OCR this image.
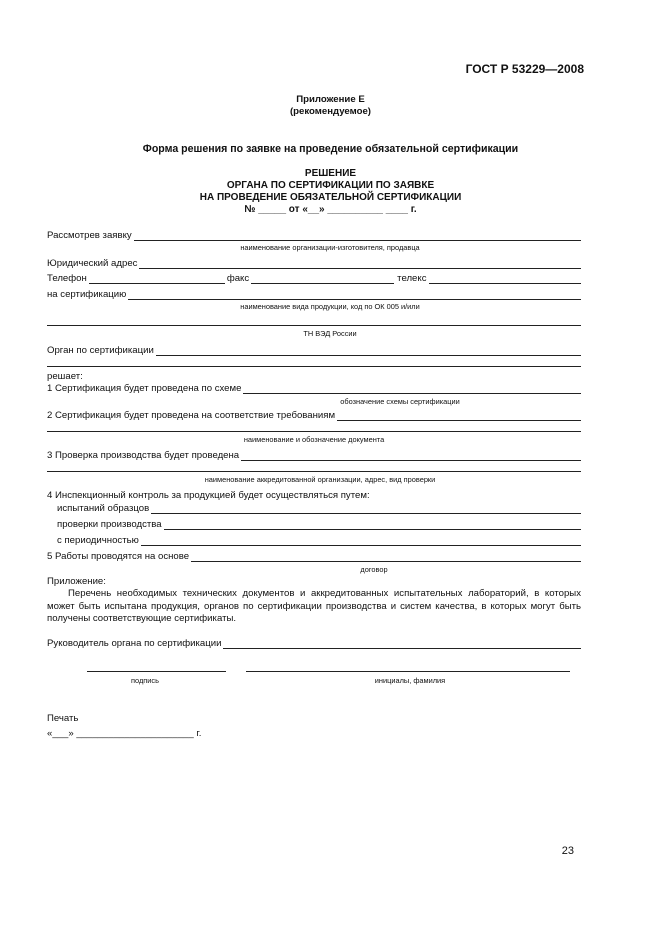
ГОСТ Р 53229—2008
Приложение Е
(рекомендуемое)
Форма решения по заявке на проведение обязательной сертификации
РЕШЕНИЕ
ОРГАНА ПО СЕРТИФИКАЦИИ ПО ЗАЯВКЕ
НА ПРОВЕДЕНИЕ ОБЯЗАТЕЛЬНОЙ СЕРТИФИКАЦИИ
№ _____ от «__» __________ ____ г.
Рассмотрев заявку
наименование организации-изготовителя, продавца
Юридический адрес
Телефон	факс	телекс
на сертификацию
наименование вида продукции, код по ОК 005 и/или
ТН ВЭД России
Орган по сертификации
решает:
1 Сертификация будет проведена по схеме
обозначение схемы сертификации
2 Сертификация будет проведена на соответствие требованиям
наименование и обозначение документа
3 Проверка производства будет проведена
наименование аккредитованной организации, адрес, вид проверки
4 Инспекционный контроль за продукцией будет осуществляться путем:
испытаний образцов
проверки производства
с периодичностью
5 Работы проводятся на основе
договор
Приложение:
Перечень необходимых технических документов и аккредитованных испытательных лабораторий, в которых может быть испытана продукция, органов по сертификации производства и систем качества, в которых могут быть получены соответствующие сертификаты.
Руководитель органа по сертификации
подпись	инициалы, фамилия
Печать
«___» ______________________ г.
23
